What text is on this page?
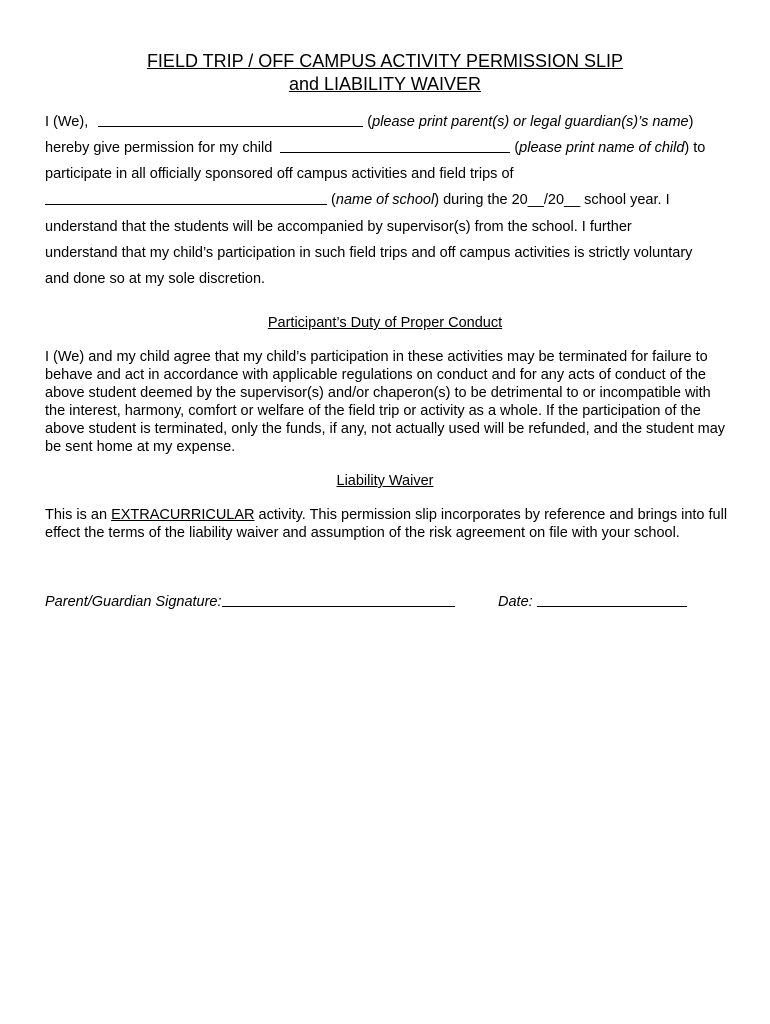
FIELD TRIP / OFF CAMPUS ACTIVITY PERMISSION SLIP
and LIABILITY WAIVER
I (We),	(please print parent(s) or legal guardian(s)’s name)
hereby give permission for my child	(please print name of child) to
participate in all officially sponsored off campus activities and field trips of
(name of school) during the 20__/20__ school year. I
understand that the students will be accompanied by supervisor(s) from the school. I further
understand that my child’s participation in such field trips and off campus activities is strictly voluntary
and done so at my sole discretion.
Participant’s Duty of Proper Conduct

I (We) and my child agree that my child’s participation in these activities may be terminated for failure to behave and act in accordance with applicable regulations on conduct and for any acts of conduct of the above student deemed by the supervisor(s) and/or chaperon(s) to be detrimental to or incompatible with the interest, harmony, comfort or welfare of the field trip or activity as a whole. If the participation of the above student is terminated, only the funds, if any, not actually used will be refunded, and the student may be sent home at my expense.

Liability Waiver

This is an EXTRACURRICULAR activity. This permission slip incorporates by reference and brings into full effect the terms of the liability waiver and assumption of the risk agreement on file with your school.

Parent/Guardian Signature:	Date:
